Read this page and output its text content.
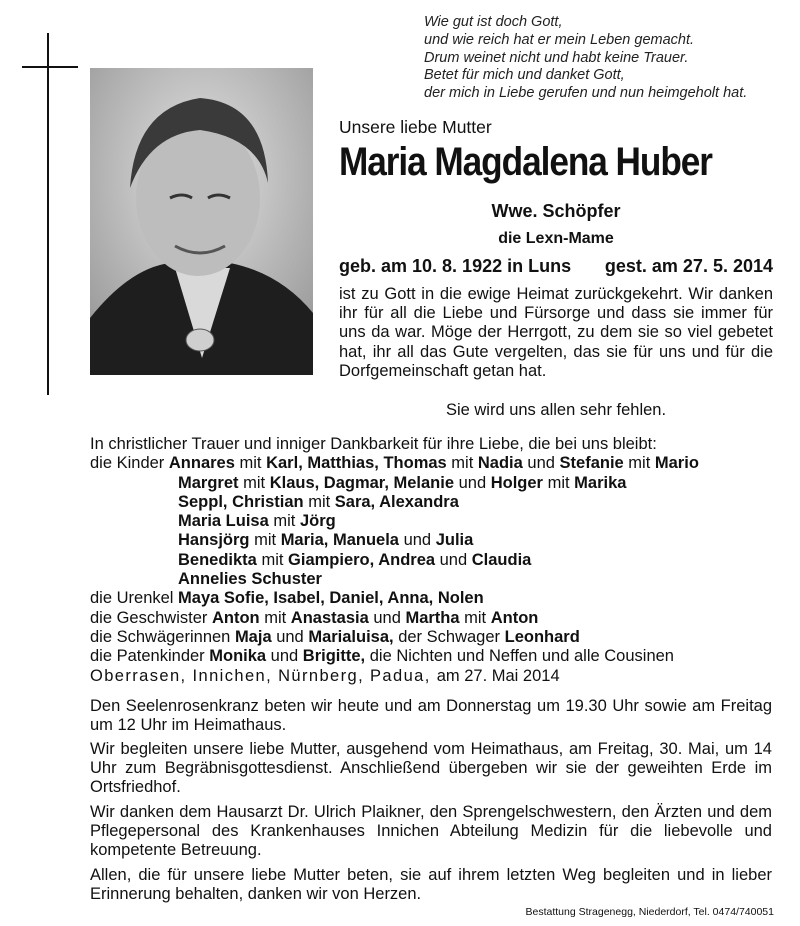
Wie gut ist doch Gott,
und wie reich hat er mein Leben gemacht.
Drum weinet nicht und habt keine Trauer.
Betet für mich und danket Gott,
der mich in Liebe gerufen und nun heimgeholt hat.
Unsere liebe Mutter
Maria Magdalena Huber
Wwe. Schöpfer
die Lexn-Mame
geb. am 10. 8. 1922 in Luns gest. am 27. 5. 2014
ist zu Gott in die ewige Heimat zurückgekehrt. Wir danken ihr für all die Liebe und Fürsorge und dass sie immer für uns da war. Möge der Herrgott, zu dem sie so viel gebetet hat, ihr all das Gute vergelten, das sie für uns und für die Dorfgemeinschaft getan hat.
Sie wird uns allen sehr fehlen.
In christlicher Trauer und inniger Dankbarkeit für ihre Liebe, die bei uns bleibt:
die Kinder Annares mit Karl, Matthias, Thomas mit Nadia und Stefanie mit Mario
Margret mit Klaus, Dagmar, Melanie und Holger mit Marika
Seppl, Christian mit Sara, Alexandra
Maria Luisa mit Jörg
Hansjörg mit Maria, Manuela und Julia
Benedikta mit Giampiero, Andrea und Claudia
Annelies Schuster
die Urenkel Maya Sofie, Isabel, Daniel, Anna, Nolen
die Geschwister Anton mit Anastasia und Martha mit Anton
die Schwägerinnen Maja und Marialuisa, der Schwager Leonhard
die Patenkinder Monika und Brigitte, die Nichten und Neffen und alle Cousinen
Oberrasen, Innichen, Nürnberg, Padua, am 27. Mai 2014
Den Seelenrosenkranz beten wir heute und am Donnerstag um 19.30 Uhr sowie am Freitag um 12 Uhr im Heimathaus.
Wir begleiten unsere liebe Mutter, ausgehend vom Heimathaus, am Freitag, 30. Mai, um 14 Uhr zum Begräbnisgottesdienst. Anschließend übergeben wir sie der geweihten Erde im Ortsfriedhof.
Wir danken dem Hausarzt Dr. Ulrich Plaikner, den Sprengelschwestern, den Ärzten und dem Pflegepersonal des Krankenhauses Innichen Abteilung Medizin für die liebevolle und kompetente Betreuung.
Allen, die für unsere liebe Mutter beten, sie auf ihrem letzten Weg begleiten und in lieber Erinnerung behalten, danken wir von Herzen.
Bestattung Stragenegg, Niederdorf, Tel. 0474/740051
